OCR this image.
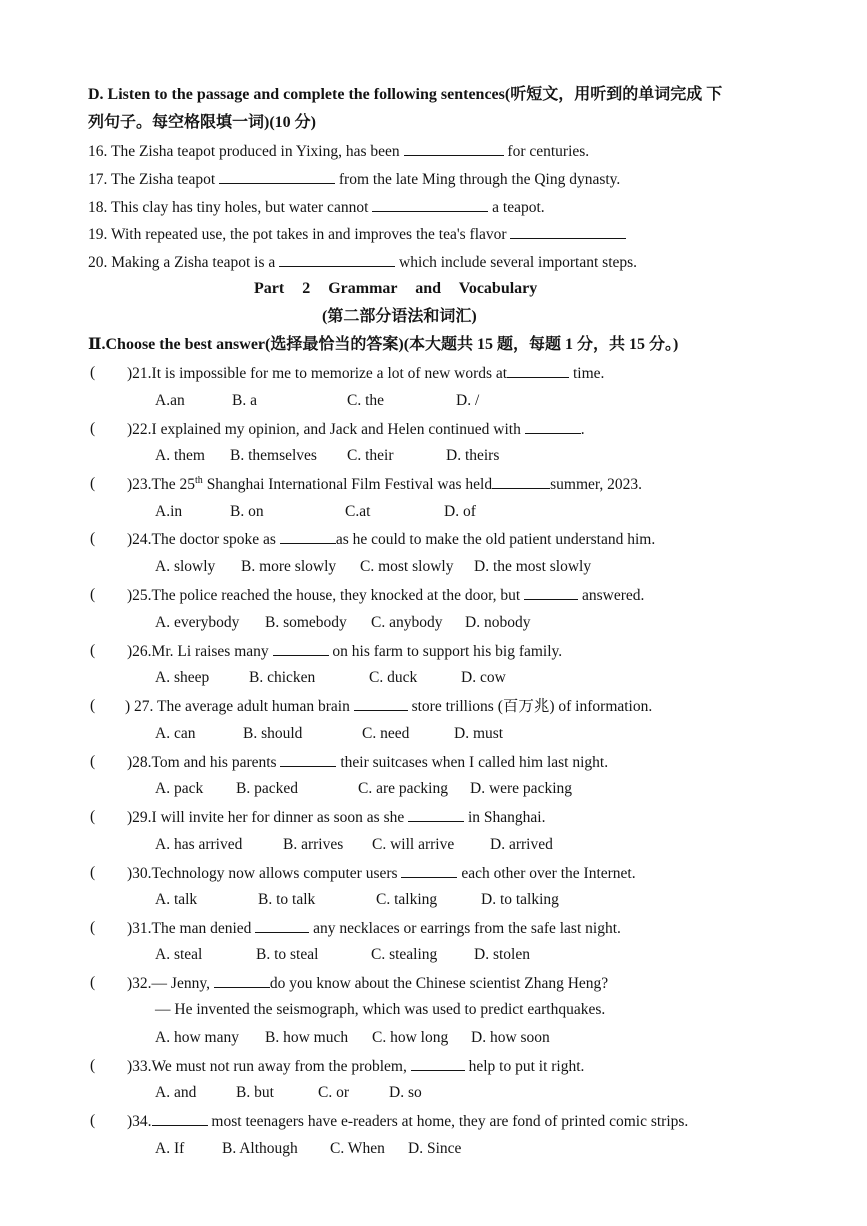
D. Listen to the passage and complete the following sentences(听短文，用听到的单词完成 下
列句子。每空格限填一词)(10 分)
16. The Zisha teapot produced in Yixing, has been	for centuries.
17. The Zisha teapot	from the late Ming through the Qing dynasty.
18. This clay has tiny holes, but water cannot	a teapot.
19. With repeated use, the pot takes in and improves the tea's flavor
20. Making a Zisha teapot is a	which include several important steps.
Part 2 Grammar and Vocabulary
(第二部分语法和词汇)
Ⅱ.Choose the best answer(选择最恰当的答案)(本大题共 15 题，每题 1 分，共 15 分。)
( )21.It is impossible for me to memorize a lot of new words at	time.
A.an	B. a	C. the	D. /
( )22.I explained my opinion, and Jack and Helen continued with	.
A. them B. themselves C. their	D. theirs
( )23.The 25th Shanghai International Film Festival was held	summer, 2023.
A.in	B. on	C.at	D. of
( )24.The doctor spoke as	as he could to make the old patient understand him.
A. slowly B. more slowly C. most slowly D. the most slowly
( )25.The police reached the house, they knocked at the door, but	answered.
A. everybody B. somebody C. anybody D. nobody
( )26.Mr. Li raises many	on his farm to support his big family.
A. sheep	B. chicken	C. duck	D. cow
( ) 27. The average adult human brain	store trillions (百万兆) of information.
A. can	B. should	C. need	D. must
( )28.Tom and his parents	their suitcases when I called him last night.
A. pack B. packed	C. are packing D. were packing
( )29.I will invite her for dinner as soon as she	in Shanghai.
A. has arrived	B. arrives C. will arrive D. arrived
( )30.Technology now allows computer users	each other over the Internet.
A. talk	B. to talk	C. talking	D. to talking
( )31.The man denied	any necklaces or earrings from the safe last night.
A. steal	B. to steal	C. stealing D. stolen
( )32.— Jenny,	do you know about the Chinese scientist Zhang Heng?
— He invented the seismograph, which was used to predict earthquakes.
A. how many B. how much C. how long D. how soon
( )33.We must not run away from the problem,	help to put it right.
A. and	B. but	C. or	D. so
( )34.	most teenagers have e-readers at home, they are fond of printed comic strips.
A. If B. Although C. When D. Since
